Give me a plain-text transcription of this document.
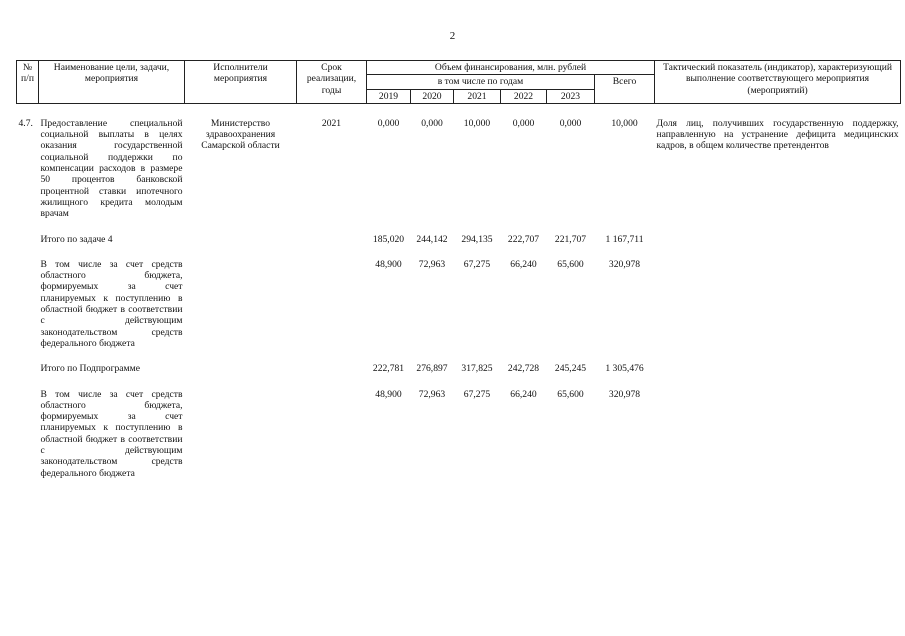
2
№ п/п	Наименование цели, задачи, мероприятия	Исполнители мероприятия	Срок реализации, годы	Объем финансирования, млн. рублей						Тактический показатель (индикатор), характеризующий выполнение соответствующего мероприятия (мероприятий)
				в том числе по годам					Всего	
				2019	2020	2021	2022	2023		

4.7.	Предоставление специальной социальной выплаты в целях оказания государственной социальной поддержки по компенсации расходов в размере 50 процентов банковской процентной ставки ипотечного жилищного кредита молодым врачам	Министерство здравоохранения Самарской области	2021	0,000	0,000	10,000	0,000	0,000	10,000	Доля лиц, получивших государственную поддержку, направленную на устранение дефицита медицинских кадров, в общем количестве претендентов

	Итого по задаче 4			185,020	244,142	294,135	222,707	221,707	1 167,711	

	В том числе за счет средств областного бюджета, формируемых за счет планируемых к поступлению в областной бюджет в соответствии с действующим законодательством средств федерального бюджета			48,900	72,963	67,275	66,240	65,600	320,978	

	Итого по Подпрограмме			222,781	276,897	317,825	242,728	245,245	1 305,476	

	В том числе за счет средств областного бюджета, формируемых за счет планируемых к поступлению в областной бюджет в соответствии с действующим законодательством средств федерального бюджета			48,900	72,963	67,275	66,240	65,600	320,978	
